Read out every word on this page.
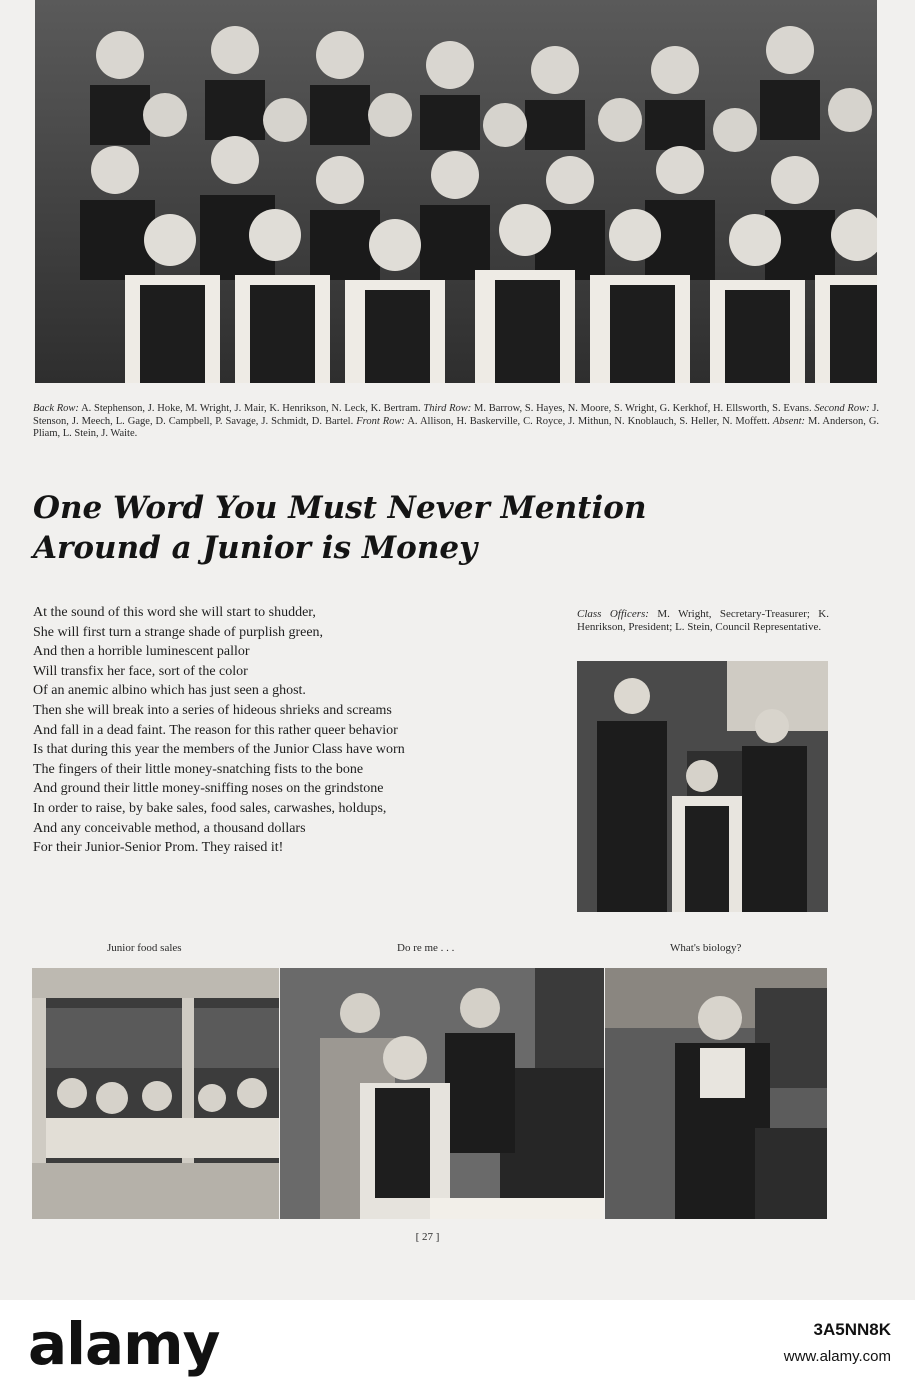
Back Row: A. Stephenson, J. Hoke, M. Wright, J. Mair, K. Henrikson, N. Leck, K. Bertram. Third Row: M. Barrow, S. Hayes, N. Moore, S. Wright, G. Kerkhof, H. Ellsworth, S. Evans. Second Row: J. Stenson, J. Meech, L. Gage, D. Campbell, P. Savage, J. Schmidt, D. Bartel. Front Row: A. Allison, H. Baskerville, C. Royce, J. Mithun, N. Knoblauch, S. Heller, N. Moffett. Absent: M. Anderson, G. Pliam, L. Stein, J. Waite.
One Word You Must Never Mention
Around a Junior is Money
At the sound of this word she will start to shudder,
She will first turn a strange shade of purplish green,
And then a horrible luminescent pallor
Will transfix her face, sort of the color
Of an anemic albino which has just seen a ghost.
Then she will break into a series of hideous shrieks and screams
And fall in a dead faint. The reason for this rather queer behavior
Is that during this year the members of the Junior Class have worn
The fingers of their little money-snatching fists to the bone
And ground their little money-sniffing noses on the grindstone
In order to raise, by bake sales, food sales, carwashes, holdups,
And any conceivable method, a thousand dollars
For their Junior-Senior Prom. They raised it!
Class Officers: M. Wright, Secretary-Treasurer; K. Henrikson, President; L. Stein, Council Representative.
Junior food sales	Do re me . . .	What's biology?
[ 27 ]
alamy	3A5NN8K
www.alamy.com
